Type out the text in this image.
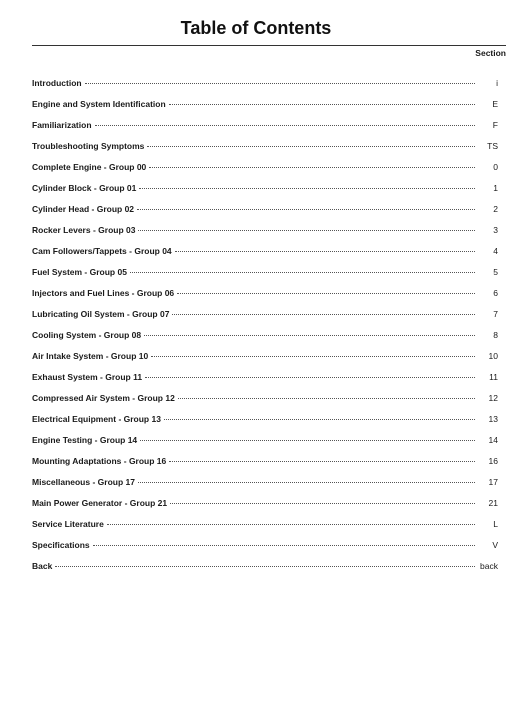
Table of Contents
Section
Introduction	i
Engine and System Identification	E
Familiarization	F
Troubleshooting Symptoms	TS
Complete Engine - Group 00	0
Cylinder Block - Group 01	1
Cylinder Head - Group 02	2
Rocker Levers - Group 03	3
Cam Followers/Tappets - Group 04	4
Fuel System - Group 05	5
Injectors and Fuel Lines - Group 06	6
Lubricating Oil System - Group 07	7
Cooling System - Group 08	8
Air Intake System - Group 10	10
Exhaust System - Group 11	11
Compressed Air System - Group 12	12
Electrical Equipment - Group 13	13
Engine Testing - Group 14	14
Mounting Adaptations - Group 16	16
Miscellaneous - Group 17	17
Main Power Generator - Group 21	21
Service Literature	L
Specifications	V
Back	back
